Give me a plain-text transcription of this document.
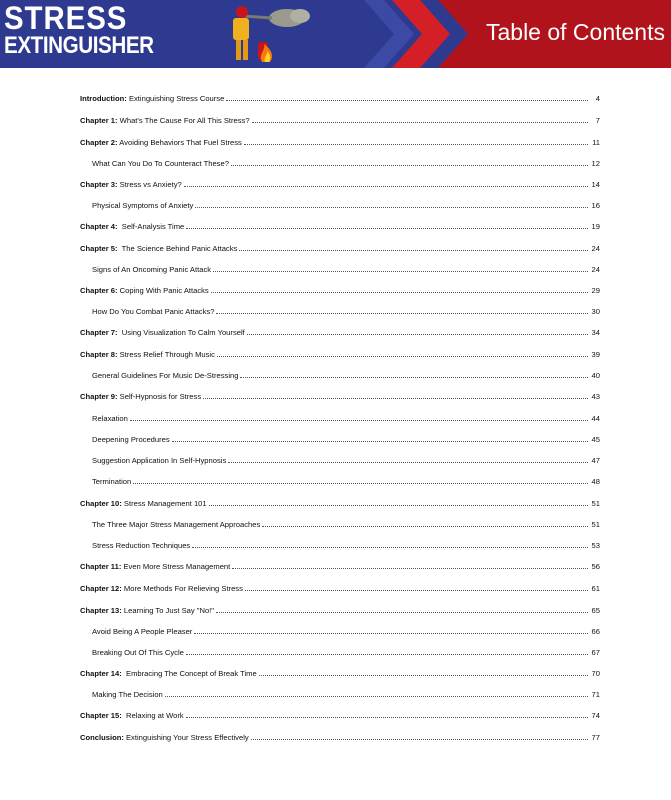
STRESS
EXTINGUISHER	Table of Contents
Introduction: Extinguishing Stress Course	4
Chapter 1: What's The Cause For All This Stress?	7
Chapter 2: Avoiding Behaviors That Fuel Stress	11
What Can You Do To Counteract These?	12
Chapter 3: Stress vs Anxiety?	14
Physical Symptoms of Anxiety	16
Chapter 4:  Self-Analysis Time	19
Chapter 5:  The Science Behind Panic Attacks	24
Signs of An Oncoming Panic Attack	24
Chapter 6: Coping With Panic Attacks	29
How Do You Combat Panic Attacks?	30
Chapter 7:  Using Visualization To Calm Yourself	34
Chapter 8: Stress Relief Through Music	39
General Guidelines For Music De-Stressing	40
Chapter 9: Self-Hypnosis for Stress	43
Relaxation	44
Deepening Procedures	45
Suggestion Application In Self-Hypnosis	47
Termination	48
Chapter 10: Stress Management 101	51
The Three Major Stress Management Approaches	51
Stress Reduction Techniques	53
Chapter 11: Even More Stress Management	56
Chapter 12: More Methods For Relieving Stress	61
Chapter 13: Learning To Just Say "No!"	65
Avoid Being A People Pleaser	66
Breaking Out Of This Cycle	67
Chapter 14:  Embracing The Concept of Break Time	70
Making The Decision	71
Chapter 15:  Relaxing at Work	74
Conclusion: Extinguishing Your Stress Effectively	77
